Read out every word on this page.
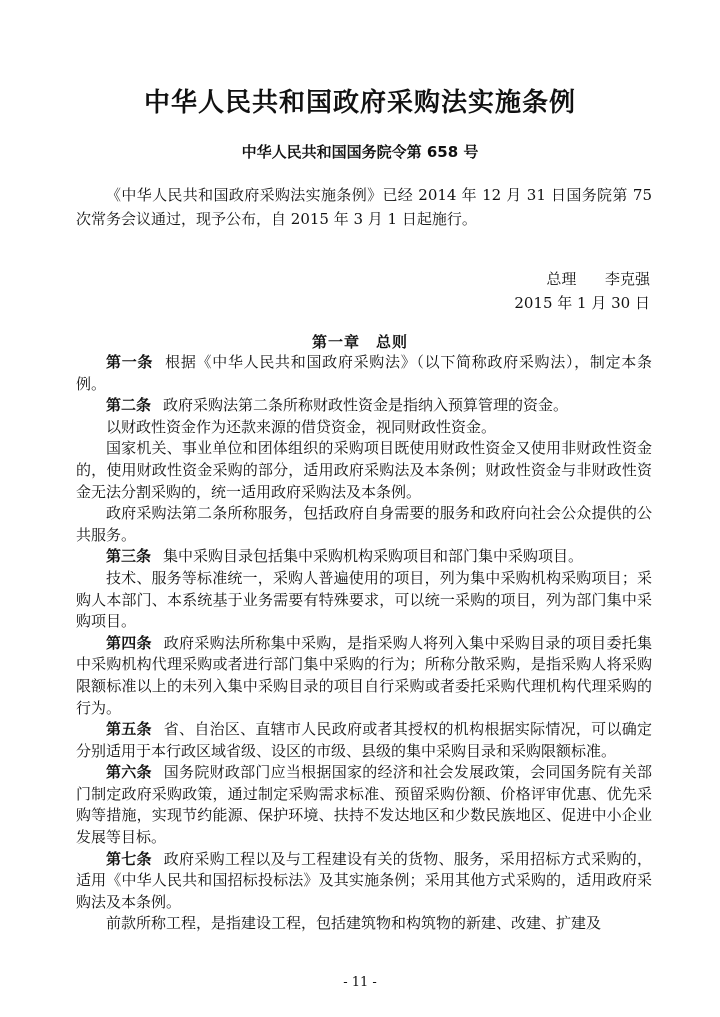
中华人民共和国政府采购法实施条例
中华人民共和国国务院令第 658 号
《中华人民共和国政府采购法实施条例》已经 2014 年 12 月 31 日国务院第 75 次常务会议通过，现予公布，自 2015 年 3 月 1 日起施行。
总理 李克强
2015 年 1 月 30 日
第一章　总则

第一条 根据《中华人民共和国政府采购法》（以下简称政府采购法），制定本条例。

第二条 政府采购法第二条所称财政性资金是指纳入预算管理的资金。

以财政性资金作为还款来源的借贷资金，视同财政性资金。

国家机关、事业单位和团体组织的采购项目既使用财政性资金又使用非财政性资金的，使用财政性资金采购的部分，适用政府采购法及本条例；财政性资金与非财政性资金无法分割采购的，统一适用政府采购法及本条例。

政府采购法第二条所称服务，包括政府自身需要的服务和政府向社会公众提供的公共服务。

第三条 集中采购目录包括集中采购机构采购项目和部门集中采购项目。

技术、服务等标准统一，采购人普遍使用的项目，列为集中采购机构采购项目；采购人本部门、本系统基于业务需要有特殊要求，可以统一采购的项目，列为部门集中采购项目。

第四条 政府采购法所称集中采购，是指采购人将列入集中采购目录的项目委托集中采购机构代理采购或者进行部门集中采购的行为；所称分散采购，是指采购人将采购限额标准以上的未列入集中采购目录的项目自行采购或者委托采购代理机构代理采购的行为。

第五条 省、自治区、直辖市人民政府或者其授权的机构根据实际情况，可以确定分别适用于本行政区域省级、设区的市级、县级的集中采购目录和采购限额标准。

第六条 国务院财政部门应当根据国家的经济和社会发展政策，会同国务院有关部门制定政府采购政策，通过制定采购需求标准、预留采购份额、价格评审优惠、优先采购等措施，实现节约能源、保护环境、扶持不发达地区和少数民族地区、促进中小企业发展等目标。

第七条 政府采购工程以及与工程建设有关的货物、服务，采用招标方式采购的，适用《中华人民共和国招标投标法》及其实施条例；采用其他方式采购的，适用政府采购法及本条例。

前款所称工程，是指建设工程，包括建筑物和构筑物的新建、改建、扩建及

- 11 -
